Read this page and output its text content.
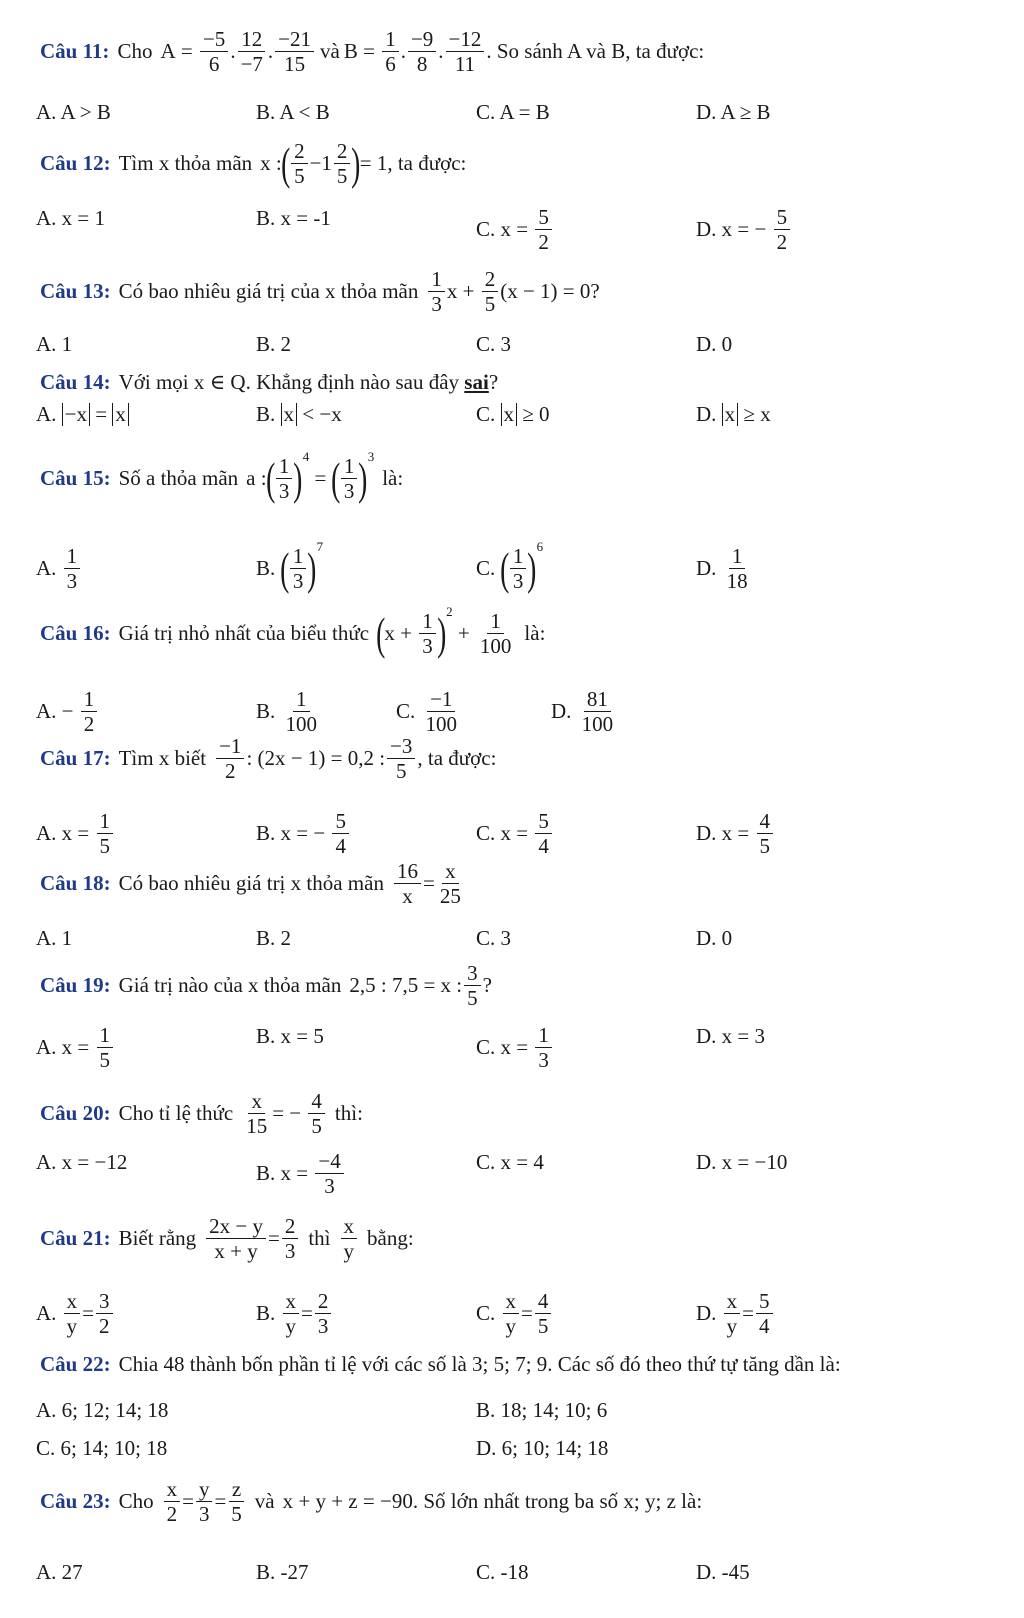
Câu 11: Cho A =
−5
6
.
12
−7
.
−21
15
và B =
1
6
.
−9
8
.
−12
11
. So sánh A và B, ta được:
A. A > B	B. A < B	C. A = B	D. A ≥ B
Câu 12: Tìm x thỏa mãn x : ( 2
5
−1
2
5 ) = 1 , ta được:
A. x = 1	B. x = -1	C. x =
5
2
D. x = −
5
2
Câu 13: Có bao nhiêu giá trị của x thỏa mãn
1
3
x +
2
5
(x − 1) = 0 ?
A. 1	B. 2	C. 3	D. 0
Câu 14: Với mọi x ∈ Q. Khẳng định nào sau đây
sai ?
A. −x = x	B. x < −x	C. x ≥ 0	D. x ≥ x
Câu 15: Số a thỏa mãn a : ( 1
3 ) 4
= ( 1
3 ) 3
là:
A.
1
3
B. ( 1
3 ) 7
C. ( 1
3 ) 6
D.
1
18
Câu 16: Giá trị nhỏ nhất của biểu thức ( x +
1
3 ) 2
+
1
100
là:
A. −
1
2
B.
1
100
C.
−1
100
D.
81
100
Câu 17: Tìm x biết
−1
2
: (2x − 1) = 0,2 :
−3
5
, ta được:
A. x =
1
5
B. x = −
5
4
C. x =
5
4
D. x =
4
5
Câu 18: Có bao nhiêu giá trị x thỏa mãn
16
x
=
x
25
A. 1	B. 2	C. 3	D. 0
Câu 19: Giá trị nào của x thỏa mãn 2,5 : 7,5 = x :
3
5
?
A. x =
1
5
B. x = 5	C. x =
1
3
D. x = 3
Câu 20: Cho tỉ lệ thức
x
15
= −
4
5
thì:
A. x = −12	B. x =
−4
3
C. x = 4	D. x = −10
Câu 21: Biết rằng
2x − y
x + y
=
2
3
thì
x
y
bằng:
A.
x
y
=
3
2
B.
x
y
=
2
3
C.
x
y
=
4
5
D.
x
y
=
5
4
Câu 22: Chia 48 thành bốn phần tỉ lệ với các số là 3; 5; 7; 9. Các số đó theo thứ tự tăng dần là:
A. 6; 12; 14; 18	B. 18; 14; 10; 6
C. 6; 14; 10; 18	D. 6; 10; 14; 18
Câu 23: Cho
x
2
=
y
3
=
z
5
và x + y + z = −90 . Số lớn nhất trong ba số x; y; z là:
A. 27	B. -27	C. -18	D. -45
